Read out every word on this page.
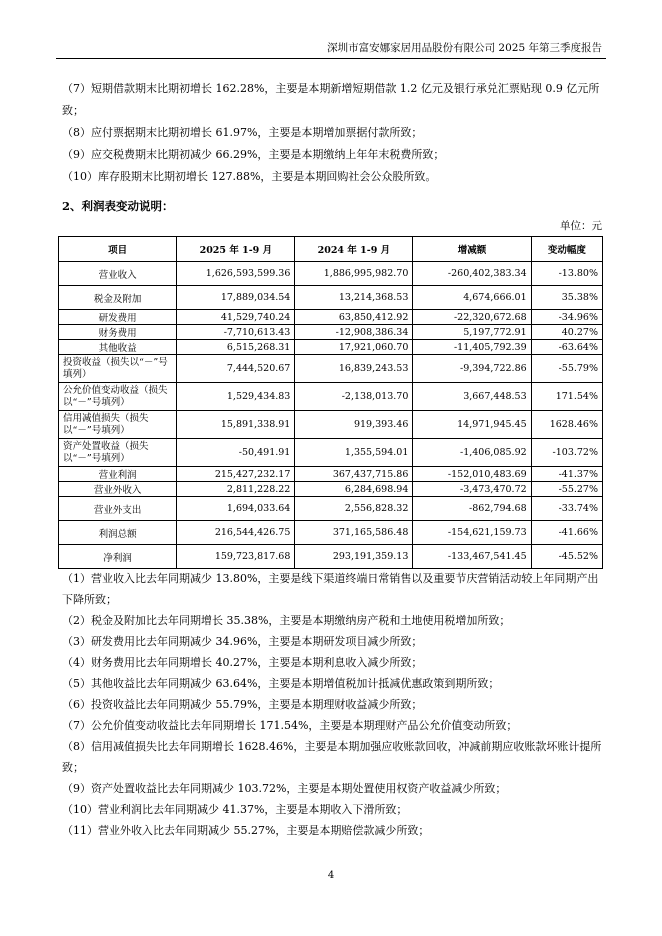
深圳市富安娜家居用品股份有限公司 2025 年第三季度报告

（7）短期借款期末比期初增长 162.28%，主要是本期新增短期借款 1.2 亿元及银行承兑汇票贴现 0.9 亿元所致；

（8）应付票据期末比期初增长 61.97%，主要是本期增加票据付款所致；

（9）应交税费期末比期初减少 66.29%，主要是本期缴纳上年年末税费所致；

（10）库存股期末比期初增长 127.88%，主要是本期回购社会公众股所致。

2、利润表变动说明：

单位：元
项目	2025 年 1-9 月	2024 年 1-9 月	增减额	变动幅度
营业收入	1,626,593,599.36	1,886,995,982.70	-260,402,383.34	-13.80%
税金及附加	17,889,034.54	13,214,368.53	4,674,666.01	35.38%
研发费用	41,529,740.24	63,850,412.92	-22,320,672.68	-34.96%
财务费用	-7,710,613.43	-12,908,386.34	5,197,772.91	40.27%
其他收益	6,515,268.31	17,921,060.70	-11,405,792.39	-63.64%
投资收益（损失以“－”号填列）	7,444,520.67	16,839,243.53	-9,394,722.86	-55.79%
公允价值变动收益（损失以“－”号填列）	1,529,434.83	-2,138,013.70	3,667,448.53	171.54%
信用减值损失（损失以“－”号填列）	15,891,338.91	919,393.46	14,971,945.45	1628.46%
资产处置收益（损失以“－”号填列）	-50,491.91	1,355,594.01	-1,406,085.92	-103.72%
营业利润	215,427,232.17	367,437,715.86	-152,010,483.69	-41.37%
营业外收入	2,811,228.22	6,284,698.94	-3,473,470.72	-55.27%
营业外支出	1,694,033.64	2,556,828.32	-862,794.68	-33.74%
利润总额	216,544,426.75	371,165,586.48	-154,621,159.73	-41.66%
净利润	159,723,817.68	293,191,359.13	-133,467,541.45	-45.52%

（1）营业收入比去年同期减少 13.80%，主要是线下渠道终端日常销售以及重要节庆营销活动较上年同期产出下降所致；

（2）税金及附加比去年同期增长 35.38%，主要是本期缴纳房产税和土地使用税增加所致；

（3）研发费用比去年同期减少 34.96%，主要是本期研发项目减少所致；

（4）财务费用比去年同期增长 40.27%，主要是本期利息收入减少所致；

（5）其他收益比去年同期减少 63.64%，主要是本期增值税加计抵减优惠政策到期所致；

（6）投资收益比去年同期减少 55.79%，主要是本期理财收益减少所致；

（7）公允价值变动收益比去年同期增长 171.54%，主要是本期理财产品公允价值变动所致；

（8）信用减值损失比去年同期增长 1628.46%，主要是本期加强应收账款回收，冲减前期应收账款坏账计提所致；

（9）资产处置收益比去年同期减少 103.72%，主要是本期处置使用权资产收益减少所致；

（10）营业利润比去年同期减少 41.37%，主要是本期收入下滑所致；

（11）营业外收入比去年同期减少 55.27%，主要是本期赔偿款减少所致；

4
